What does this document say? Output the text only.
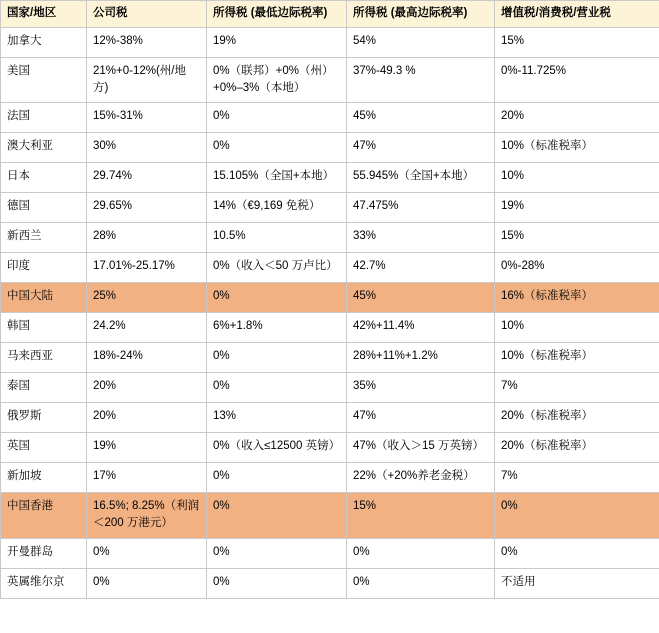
国家/地区	公司税	所得税 (最低边际税率)	所得税 (最高边际税率)	增值税/消费税/营业税
加拿大	12%-38%	19%	54%	15%
美国	21%+0-12%(州/地方)	0%（联邦）+0%（州）+0%–3%（本地）	37%-49.3 %	0%-11.725%
法国	15%-31%	0%	45%	20%
澳大利亚	30%	0%	47%	10%（标准税率）
日本	29.74%	15.105%（全国+本地）	55.945%（全国+本地）	10%
德国	29.65%	14%（€9,169 免税）	47.475%	19%
新西兰	28%	10.5%	33%	15%
印度	17.01%-25.17%	0%（收入＜50 万卢比）	42.7%	0%-28%
中国大陆	25%	0%	45%	16%（标准税率）
韩国	24.2%	6%+1.8%	42%+11.4%	10%
马来西亚	18%-24%	0%	28%+11%+1.2%	10%（标准税率）
泰国	20%	0%	35%	7%
俄罗斯	20%	13%	47%	20%（标准税率）
英国	19%	0%（收入≤12500 英镑）	47%（收入＞15 万英镑）	20%（标准税率）
新加坡	17%	0%	22%（+20%养老金税）	7%
中国香港	16.5%; 8.25%（利润＜200 万港元）	0%	15%	0%
开曼群岛	0%	0%	0%	0%
英属维尔京	0%	0%	0%	不适用
